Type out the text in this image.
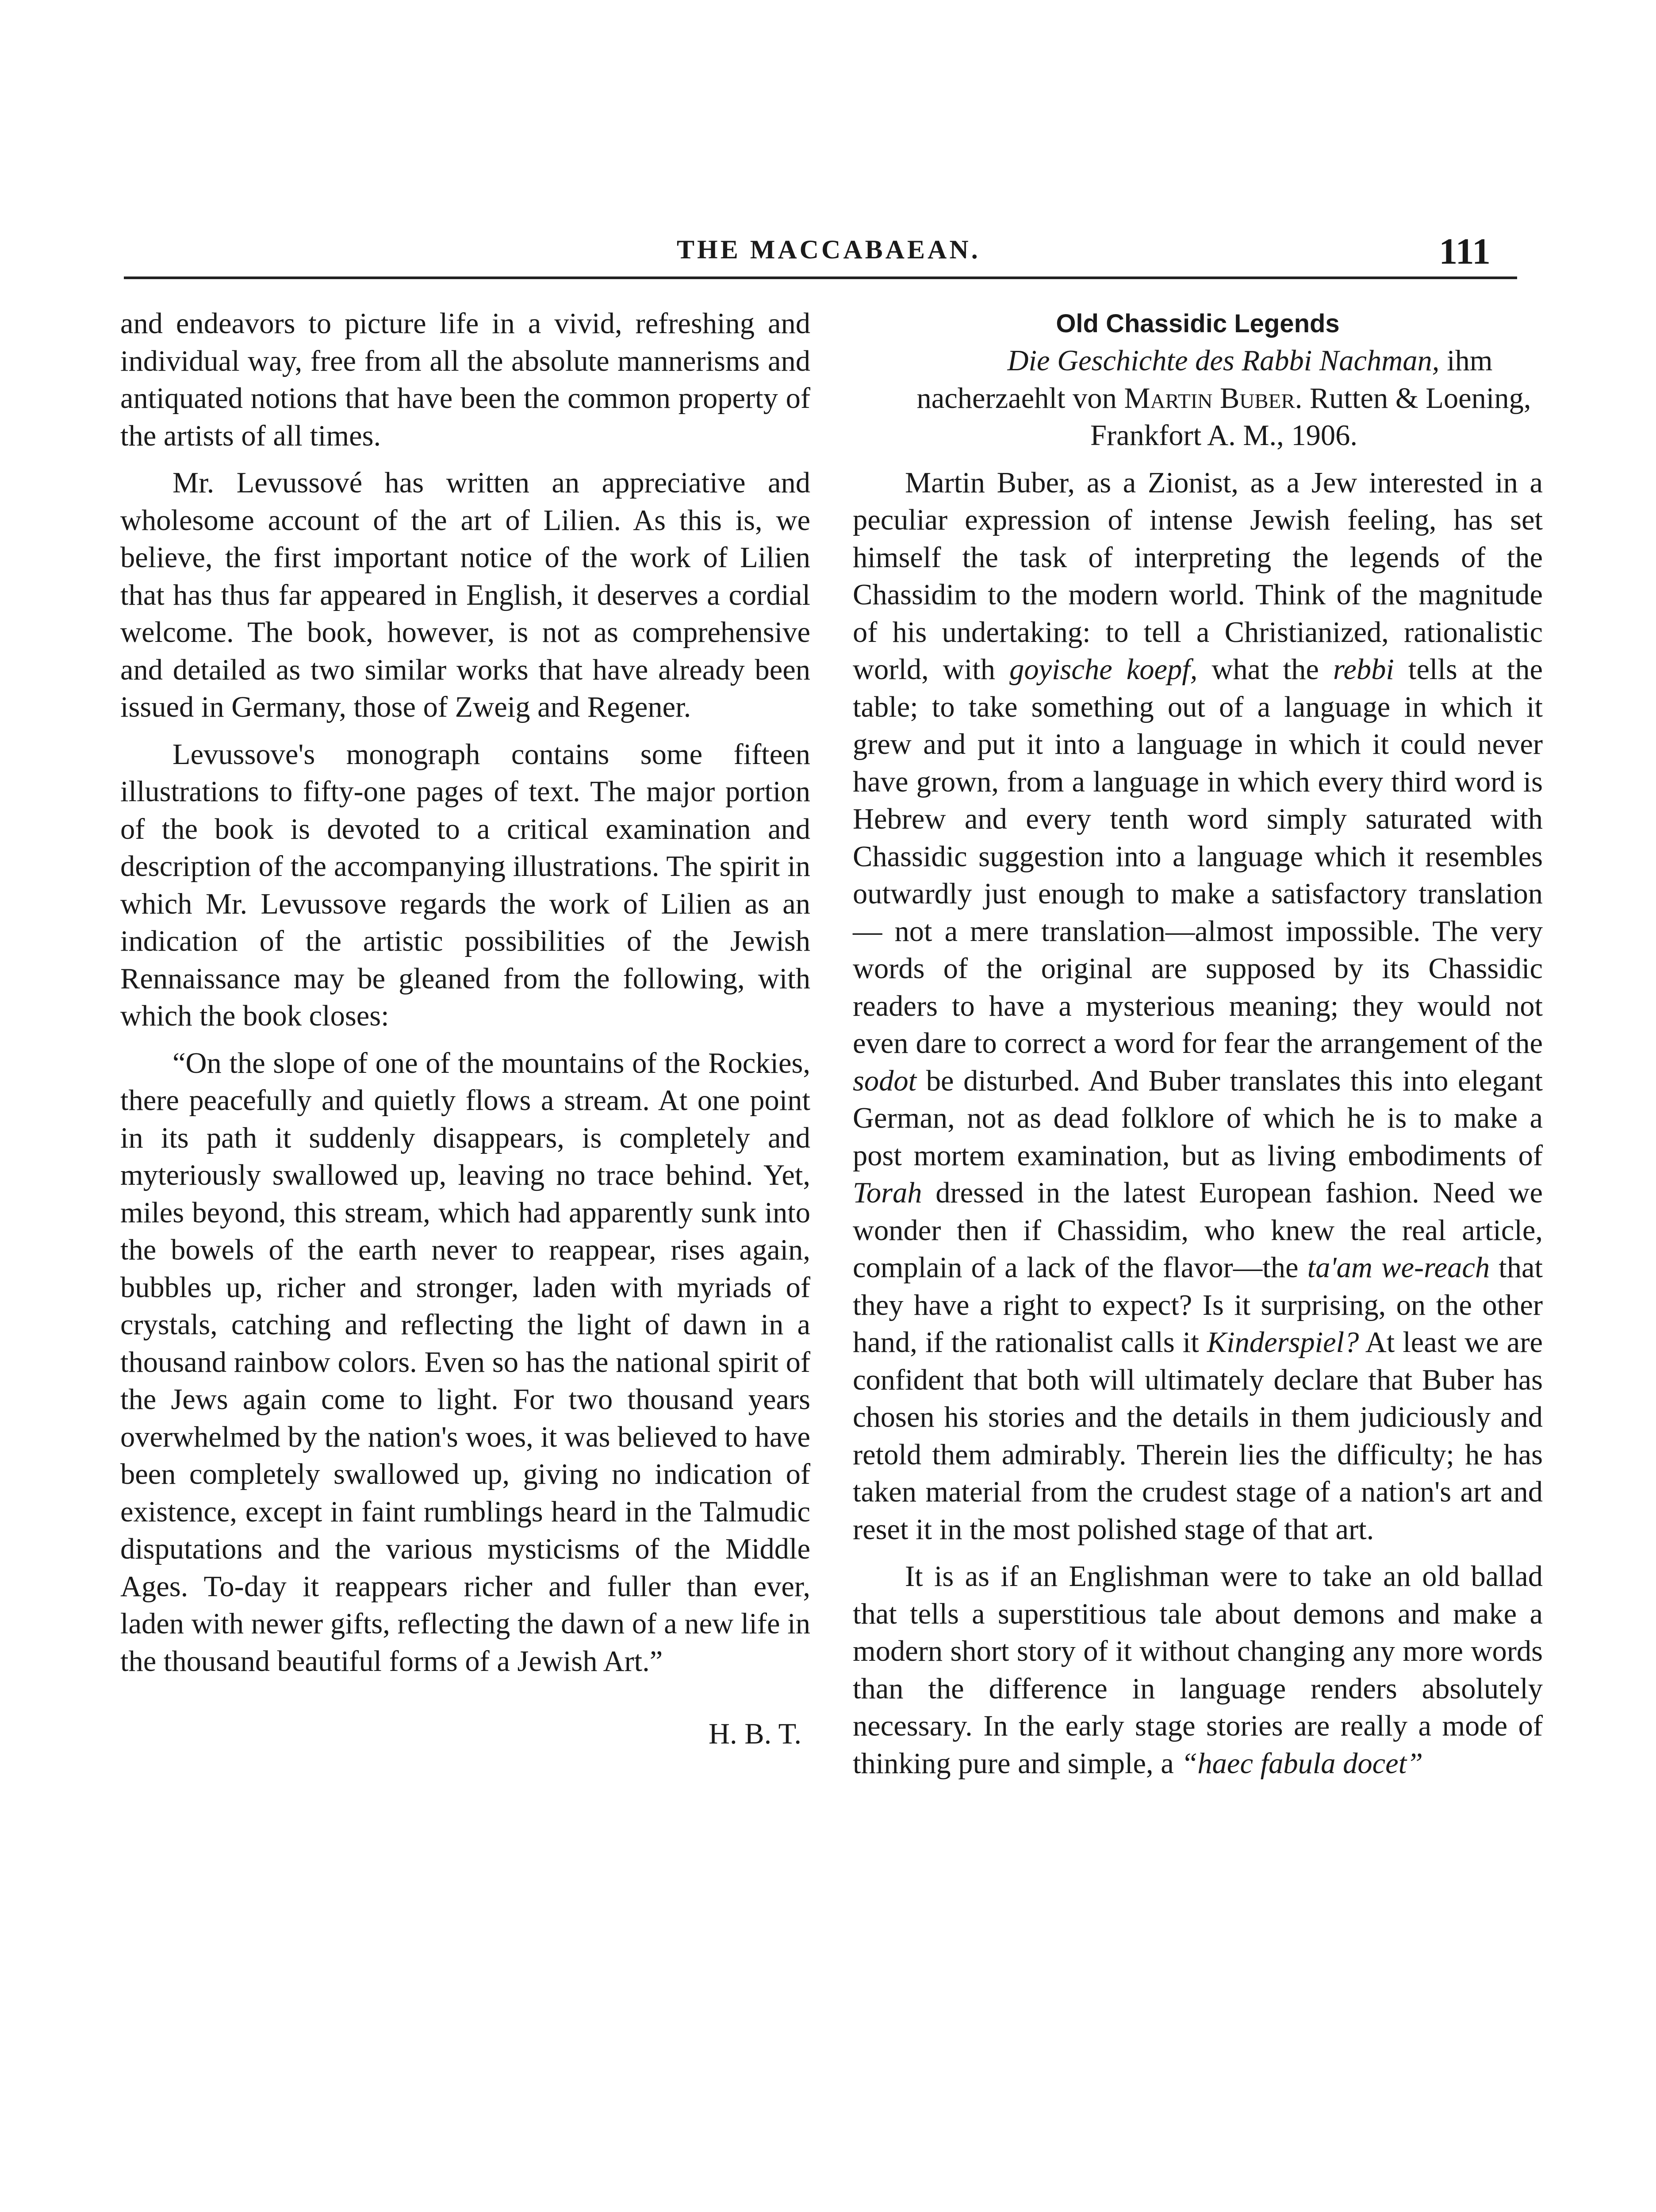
THE MACCABAEAN.	111

and endeavors to picture life in a vivid, refreshing and individual way, free from all the absolute mannerisms and antiquated notions that have been the common property of the artists of all times.

Mr. Levussové has written an appreciative and wholesome account of the art of Lilien. As this is, we believe, the first important notice of the work of Lilien that has thus far appeared in English, it deserves a cordial welcome. The book, however, is not as comprehensive and detailed as two similar works that have already been issued in Germany, those of Zweig and Regener.

Levussove's monograph contains some fifteen illustrations to fifty-one pages of text. The major portion of the book is devoted to a critical examination and description of the accompanying illustrations. The spirit in which Mr. Levussove regards the work of Lilien as an indication of the artistic possibilities of the Jewish Rennaissance may be gleaned from the following, with which the book closes:

“On the slope of one of the mountains of the Rockies, there peacefully and quietly flows a stream. At one point in its path it suddenly disappears, is completely and myteriously swallowed up, leaving no trace behind. Yet, miles beyond, this stream, which had apparently sunk into the bowels of the earth never to reappear, rises again, bubbles up, richer and stronger, laden with myriads of crystals, catching and reflecting the light of dawn in a thousand rainbow colors. Even so has the national spirit of the Jews again come to light. For two thousand years overwhelmed by the nation's woes, it was believed to have been completely swallowed up, giving no indication of existence, except in faint rumblings heard in the Talmudic disputations and the various mysticisms of the Middle Ages. To-day it reappears richer and fuller than ever, laden with newer gifts, reflecting the dawn of a new life in the thousand beautiful forms of a Jewish Art.”

H. B. T.
Old Chassidic Legends

Die Geschichte des Rabbi Nachman, ihm nacherzaehlt von Martin Buber. Rutten & Loening, Frankfort A. M., 1906.

Martin Buber, as a Zionist, as a Jew interested in a peculiar expression of intense Jewish feeling, has set himself the task of interpreting the legends of the Chassidim to the modern world. Think of the magnitude of his undertaking: to tell a Christianized, rationalistic world, with goyische koepf, what the rebbi tells at the table; to take something out of a language in which it grew and put it into a language in which it could never have grown, from a language in which every third word is Hebrew and every tenth word simply saturated with Chassidic suggestion into a language which it resembles outwardly just enough to make a satisfactory translation — not a mere translation—almost impossible. The very words of the original are supposed by its Chassidic readers to have a mysterious meaning; they would not even dare to correct a word for fear the arrangement of the sodot be disturbed. And Buber translates this into elegant German, not as dead folklore of which he is to make a post mortem examination, but as living embodiments of Torah dressed in the latest European fashion. Need we wonder then if Chassidim, who knew the real article, complain of a lack of the flavor—the ta'am we-reach that they have a right to expect? Is it surprising, on the other hand, if the rationalist calls it Kinderspiel? At least we are confident that both will ultimately declare that Buber has chosen his stories and the details in them judiciously and retold them admirably. Therein lies the difficulty; he has taken material from the crudest stage of a nation's art and reset it in the most polished stage of that art.

It is as if an Englishman were to take an old ballad that tells a superstitious tale about demons and make a modern short story of it without changing any more words than the difference in language renders absolutely necessary. In the early stage stories are really a mode of thinking pure and simple, a “haec fabula docet”
